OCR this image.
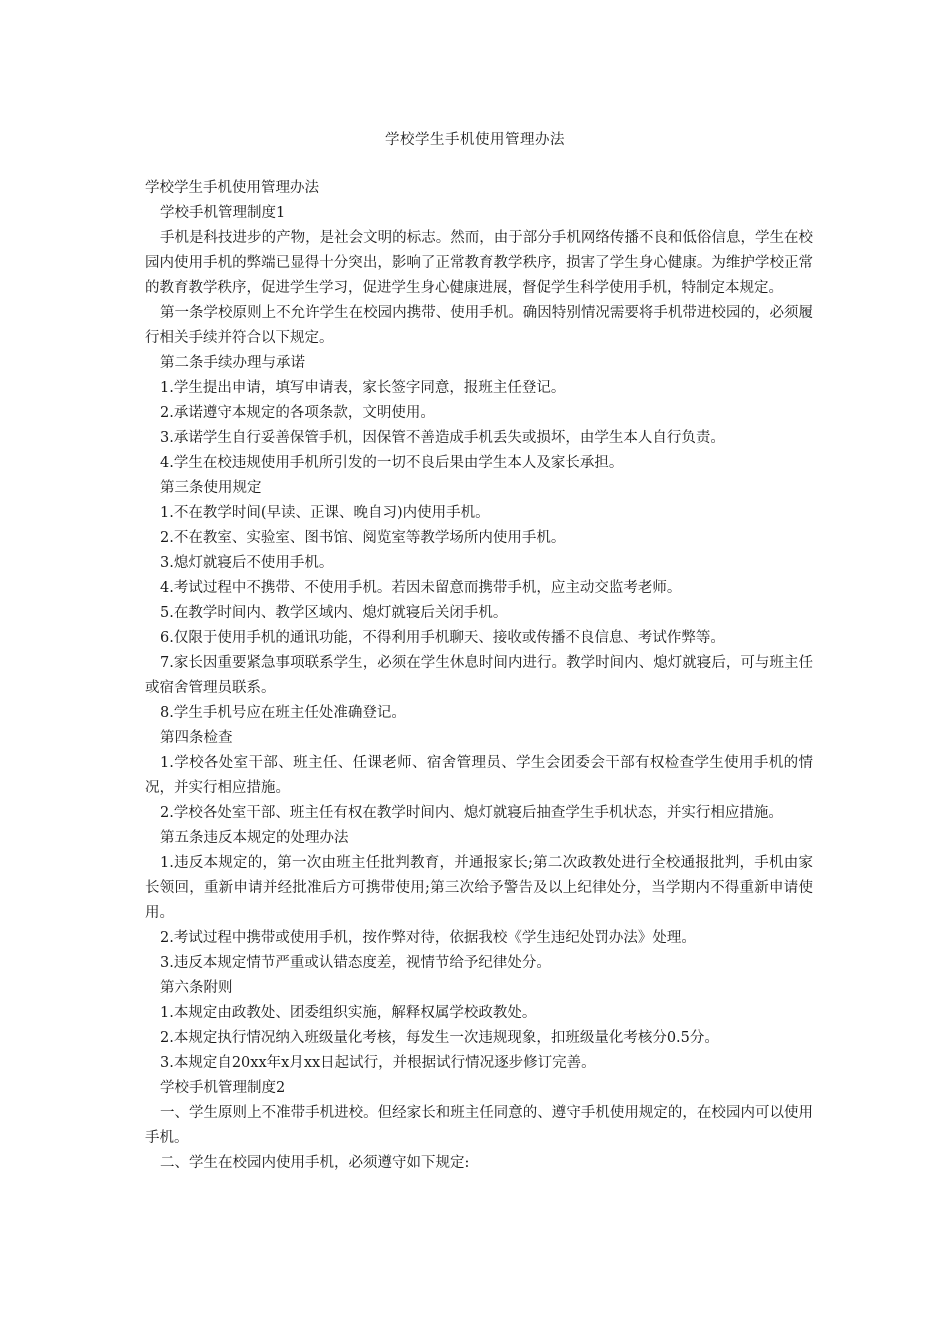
学校学生手机使用管理办法

学校学生手机使用管理办法

学校手机管理制度1

手机是科技进步的产物，是社会文明的标志。然而，由于部分手机网络传播不良和低俗信息，学生在校园内使用手机的弊端已显得十分突出，影响了正常教育教学秩序，损害了学生身心健康。为维护学校正常的教育教学秩序，促进学生学习，促进学生身心健康进展，督促学生科学使用手机，特制定本规定。

第一条学校原则上不允许学生在校园内携带、使用手机。确因特别情况需要将手机带进校园的，必须履行相关手续并符合以下规定。

第二条手续办理与承诺

1.学生提出申请，填写申请表，家长签字同意，报班主任登记。

2.承诺遵守本规定的各项条款，文明使用。

3.承诺学生自行妥善保管手机，因保管不善造成手机丢失或损坏，由学生本人自行负责。

4.学生在校违规使用手机所引发的一切不良后果由学生本人及家长承担。

第三条使用规定

1.不在教学时间(早读、正课、晚自习)内使用手机。

2.不在教室、实验室、图书馆、阅览室等教学场所内使用手机。

3.熄灯就寝后不使用手机。

4.考试过程中不携带、不使用手机。若因未留意而携带手机，应主动交监考老师。

5.在教学时间内、教学区域内、熄灯就寝后关闭手机。

6.仅限于使用手机的通讯功能，不得利用手机聊天、接收或传播不良信息、考试作弊等。

7.家长因重要紧急事项联系学生，必须在学生休息时间内进行。教学时间内、熄灯就寝后，可与班主任或宿舍管理员联系。

8.学生手机号应在班主任处准确登记。

第四条检查

1.学校各处室干部、班主任、任课老师、宿舍管理员、学生会团委会干部有权检查学生使用手机的情况，并实行相应措施。

2.学校各处室干部、班主任有权在教学时间内、熄灯就寝后抽查学生手机状态，并实行相应措施。

第五条违反本规定的处理办法

1.违反本规定的，第一次由班主任批判教育，并通报家长;第二次政教处进行全校通报批判，手机由家长领回，重新申请并经批准后方可携带使用;第三次给予警告及以上纪律处分，当学期内不得重新申请使用。

2.考试过程中携带或使用手机，按作弊对待，依据我校《学生违纪处罚办法》处理。

3.违反本规定情节严重或认错态度差，视情节给予纪律处分。

第六条附则

1.本规定由政教处、团委组织实施，解释权属学校政教处。

2.本规定执行情况纳入班级量化考核，每发生一次违规现象，扣班级量化考核分0.5分。

3.本规定自20xx年x月xx日起试行，并根据试行情况逐步修订完善。

学校手机管理制度2

一、学生原则上不准带手机进校。但经家长和班主任同意的、遵守手机使用规定的，在校园内可以使用手机。

二、学生在校园内使用手机，必须遵守如下规定:
